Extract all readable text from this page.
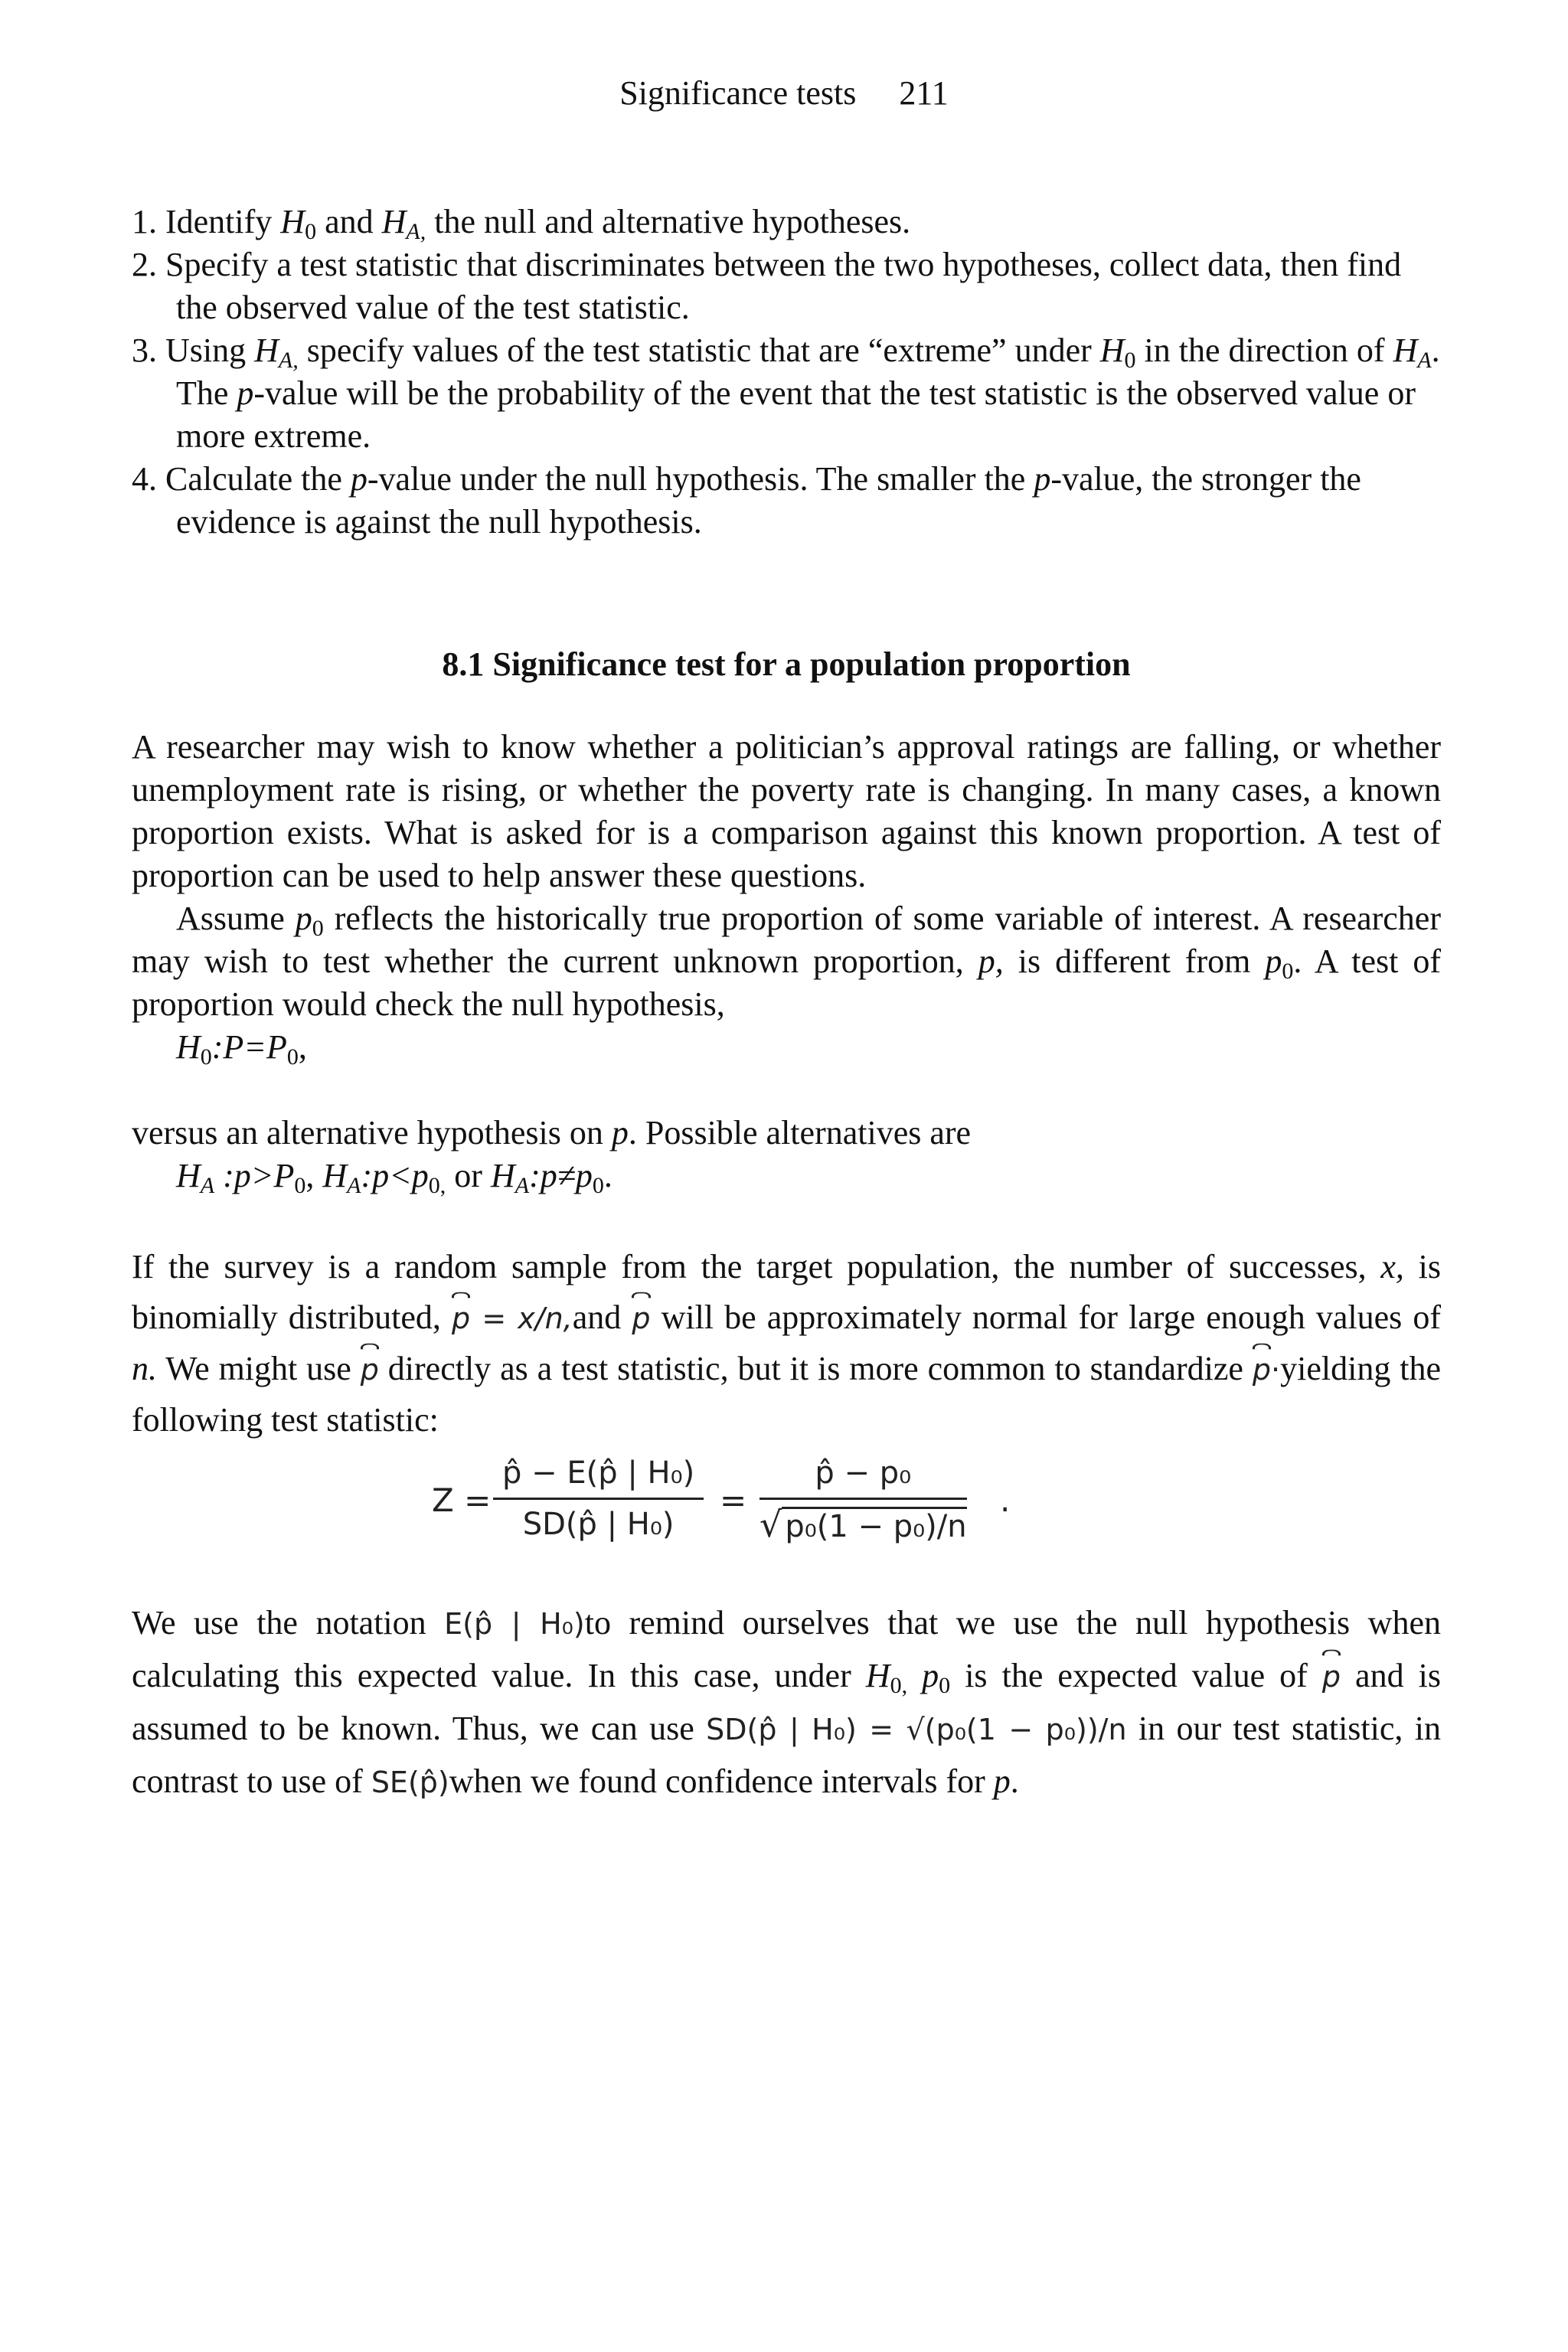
Significance tests 211
1. Identify $H_0$ and $H_{A,}$ the null and alternative hypotheses.
2. Specify a test statistic that discriminates between the two hypotheses, collect data, then find the observed value of the test statistic.
3. Using $H_{A,}$ specify values of the test statistic that are “extreme” under $H_0$ in the direction of $H_A$. The p-value will be the probability of the event that the test statistic is the observed value or more extreme.
4. Calculate the p-value under the null hypothesis. The smaller the p-value, the stronger the evidence is against the null hypothesis.
8.1 Significance test for a population proportion

A researcher may wish to know whether a politician’s approval ratings are falling, or whether unemployment rate is rising, or whether the poverty rate is changing. In many cases, a known proportion exists. What is asked for is a comparison against this known proportion. A test of proportion can be used to help answer these questions.

Assume $p_0$ reflects the historically true proportion of some variable of interest. A researcher may wish to test whether the current unknown proportion, p, is different from $p_0$. A test of proportion would check the null hypothesis,

$H_0:P=P_0$,

versus an alternative hypothesis on p. Possible alternatives are

$H_A$ $:p>P_0$, $H_A:p<p_{0,}$ or $H_A:p\ne p_0$.

If the survey is a random sample from the target population, the number of successes, x, is binomially distributed, p = x/n,and p will be approximately normal for large enough values of n. We might use p directly as a test statistic, but it is more common to standardize p·yielding the following test statistic:

$Z = \frac{\text{p̂ − E(p̂ | H₀)}}{\text{SD(p̂ | H₀)}} = \frac{\text{p̂ − p₀}}{\text{√ p₀(1 − p₀)/n}}$ .

We use the notation E(p̂ | H₀)to remind ourselves that we use the null hypothesis when calculating this expected value. In this case, under $H_{0,}$ $p_0$ is the expected value of p and is assumed to be known. Thus, we can use SD(p̂ | H₀) = √(p₀(1 − p₀))/n in our test statistic, in contrast to use of SE(p̂)when we found confidence intervals for p.
